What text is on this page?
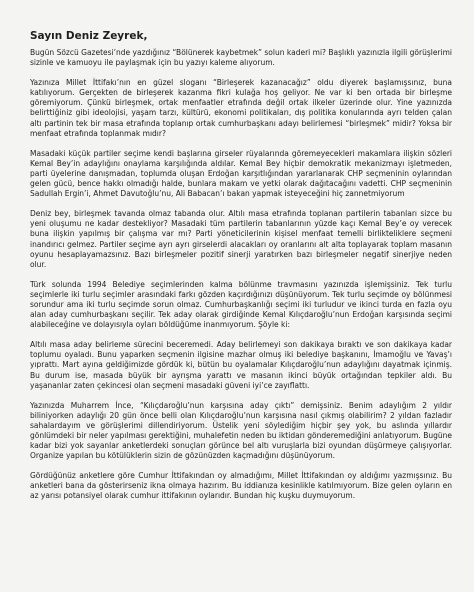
Sayın Deniz Zeyrek,

Bugün Sözcü Gazetesi’nde yazdığınız “Bölünerek kaybetmek” solun kaderi mi? Başlıklı yazınızla ilgili görüşlerimi sizinle ve kamuoyu ile paylaşmak için bu yazıyı kaleme alıyorum.

Yazınıza Millet İttifakı’nın en güzel sloganı “Birleşerek kazanacağız” oldu diyerek başlamışsınız, buna katılıyorum. Gerçekten de birleşerek kazanma fikri kulağa hoş geliyor. Ne var ki ben ortada bir birleşme göremiyorum. Çünkü birleşmek, ortak menfaatler etrafında değil ortak ilkeler üzerinde olur. Yine yazınızda belirttiğiniz gibi ideolojisi, yaşam tarzı, kültürü, ekonomi politikaları, dış politika konularında ayrı telden çalan altı partinin tek bir masa etrafında toplanıp ortak cumhurbaşkanı adayı belirlemesi “birleşmek” midir? Yoksa bir menfaat etrafında toplanmak mıdır?

Masadaki küçük partiler seçime kendi başlarına girseler rüyalarında göremeyecekleri makamlara ilişkin sözleri Kemal Bey’in adaylığını onaylama karşılığında aldılar. Kemal Bey hiçbir demokratik mekanizmayı işletmeden, parti üyelerine danışmadan, toplumda oluşan Erdoğan karşıtlığından yararlanarak CHP seçmeninin oylarından gelen gücü, bence hakkı olmadığı halde, bunlara makam ve yetki olarak dağıtacağını vadetti. CHP seçmeninin Sadullah Ergin’i, Ahmet Davutoğlu’nu, Ali Babacan’ı bakan yapmak isteyeceğini hiç zannetmiyorum

Deniz bey, birleşmek tavanda olmaz tabanda olur. Altılı masa etrafında toplanan partilerin tabanları sizce bu yeni oluşumu ne kadar destekliyor? Masadaki tüm partilerin tabanlarının yüzde kaçı Kemal Bey’e oy verecek buna ilişkin yapılmış bir çalışma var mı? Parti yöneticilerinin kişisel menfaat temelli birlikteliklere seçmeni inandırıcı gelmez. Partiler seçime ayrı ayrı girselerdi alacakları oy oranlarını alt alta toplayarak toplam masanın oyunu hesaplayamazsınız. Bazı birleşmeler pozitif sinerji yaratırken bazı birleşmeler negatif sinerjiye neden olur.

Türk solunda 1994 Belediye seçimlerinden kalma bölünme travmasını yazınızda işlemişsiniz. Tek turlu seçimlerle iki turlu seçimler arasındaki farkı gözden kaçırdığınızı düşünüyorum. Tek turlu seçimde oy bölünmesi sorundur ama iki turlu seçimde sorun olmaz. Cumhurbaşkanlığı seçimi iki turludur ve ikinci turda en fazla oyu alan aday cumhurbaşkanı seçilir. Tek aday olarak girdiğinde Kemal Kılıçdaroğlu’nun Erdoğan karşısında seçimi alabileceğine ve dolayısıyla oyları böldüğüme inanmıyorum. Şöyle ki:

Altılı masa aday belirleme sürecini beceremedi. Aday belirlemeyi son dakikaya bıraktı ve son dakikaya kadar toplumu oyaladı. Bunu yaparken seçmenin ilgisine mazhar olmuş iki belediye başkanını, İmamoğlu ve Yavaş’ı yıprattı. Mart ayına geldiğimizde gördük ki, bütün bu oyalamalar Kılıçdaroğlu’nun adaylığını dayatmak içinmiş. Bu durum ise, masada büyük bir ayrışma yarattı ve masanın ikinci büyük ortağından tepkiler aldı. Bu yaşananlar zaten çekincesi olan seçmeni masadaki güveni iyi’ce zayıflattı.

Yazınızda Muharrem İnce, “Kılıçdaroğlu’nun karşısına aday çıktı” demişsiniz. Benim adaylığım 2 yıldır biliniyorken adaylığı 20 gün önce belli olan Kılıçdaroğlu’nun karşısına nasıl çıkmış olabilirim? 2 yıldan fazladır sahalardayım ve görüşlerimi dillendiriyorum. Üstelik yeni söylediğim hiçbir şey yok, bu aslında yıllardır gönlümdeki bir neler yapılması gerektiğini, muhalefetin neden bu iktidarı gönderemediğini anlatıyorum. Bugüne kadar bizi yok sayanlar anketlerdeki sonuçları görünce bel altı vuruşlarla bizi oyundan düşürmeye çalışıyorlar. Organize yapılan bu kötülüklerin sizin de gözünüzden kaçmadığını düşünüyorum.

Gördüğünüz anketlere göre Cumhur İttifakından oy almadığımı, Millet İttifakından oy aldığımı yazmışsınız. Bu anketleri bana da gösterirseniz ikna olmaya hazırım. Bu iddianıza kesinlikle katılmıyorum. Bize gelen oyların en az yarısı potansiyel olarak cumhur ittifakının oylarıdır. Bundan hiç kuşku duymuyorum.
